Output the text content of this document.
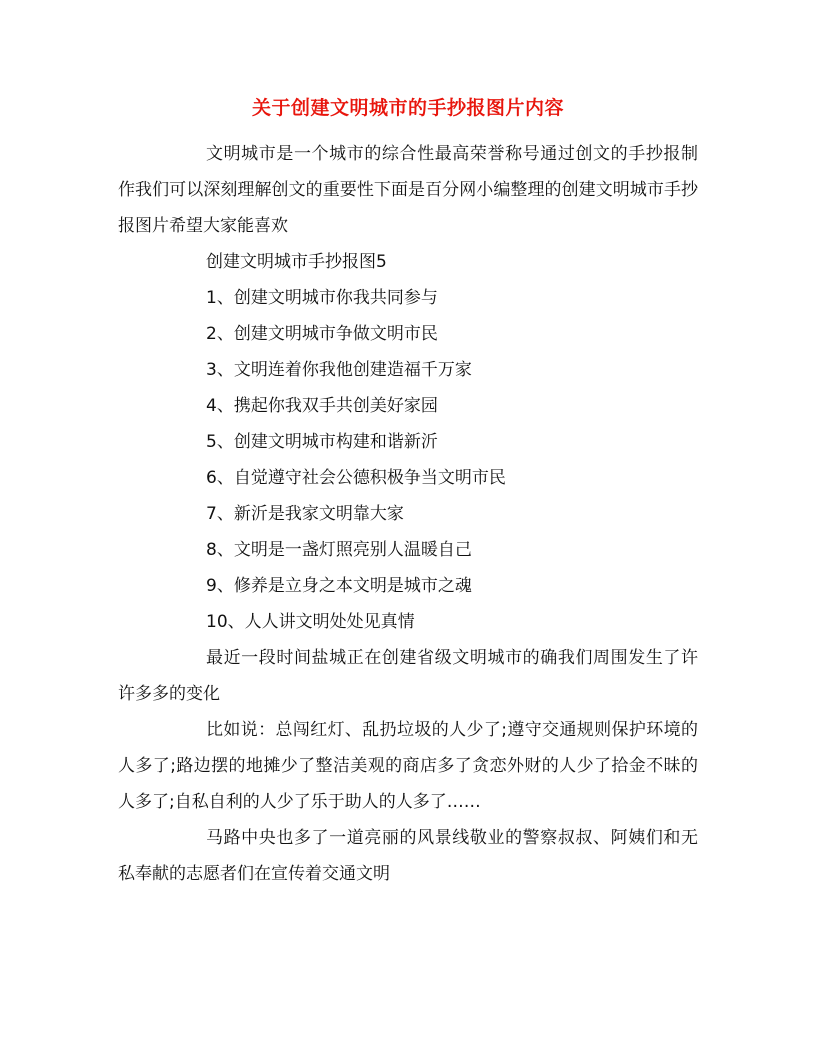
关于创建文明城市的手抄报图片内容

文明城市是一个城市的综合性最高荣誉称号通过创文的手抄报制作我们可以深刻理解创文的重要性下面是百分网小编整理的创建文明城市手抄报图片希望大家能喜欢

创建文明城市手抄报图5

1、创建文明城市你我共同参与

2、创建文明城市争做文明市民

3、文明连着你我他创建造福千万家

4、携起你我双手共创美好家园

5、创建文明城市构建和谐新沂

6、自觉遵守社会公德积极争当文明市民

7、新沂是我家文明靠大家

8、文明是一盏灯照亮别人温暖自己

9、修养是立身之本文明是城市之魂

10、人人讲文明处处见真情

最近一段时间盐城正在创建省级文明城市的确我们周围发生了许许多多的变化

比如说：总闯红灯、乱扔垃圾的人少了;遵守交通规则保护环境的人多了;路边摆的地摊少了整洁美观的商店多了贪恋外财的人少了拾金不昧的人多了;自私自利的人少了乐于助人的人多了……

马路中央也多了一道亮丽的风景线敬业的警察叔叔、阿姨们和无私奉献的志愿者们在宣传着交通文明
